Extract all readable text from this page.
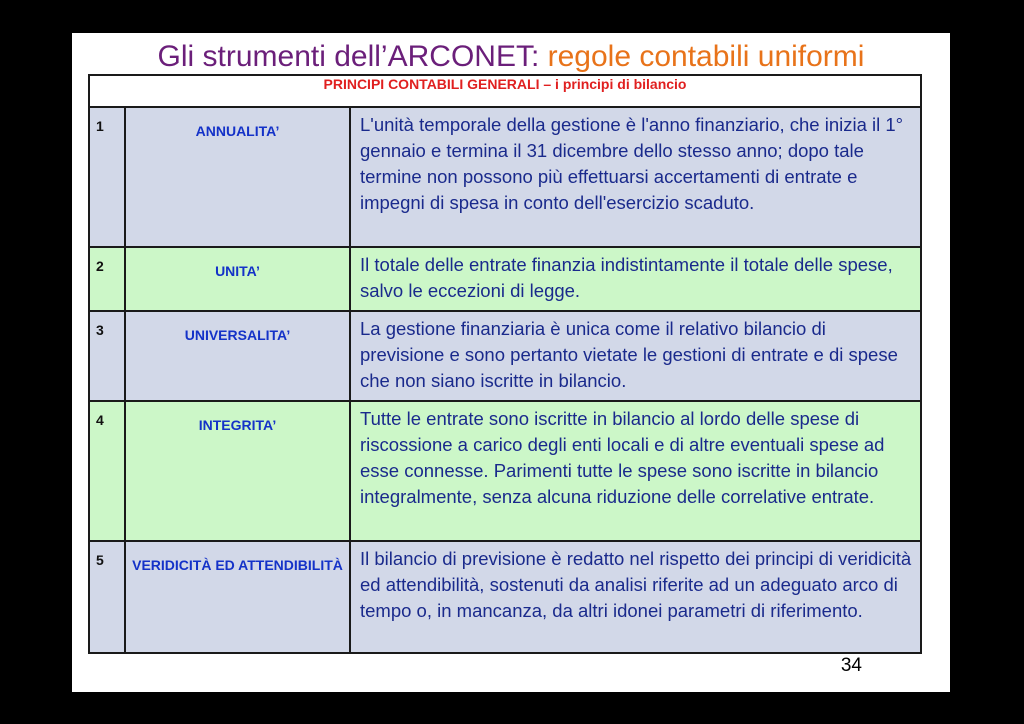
Gli strumenti dell’ARCONET: regole contabili uniformi
PRINCIPI CONTABILI GENERALI – i principi di bilancio		
1	ANNUALITA’	L'unità temporale della gestione è l'anno finanziario, che inizia il 1° gennaio e termina il 31 dicembre dello stesso anno; dopo tale termine non possono più effettuarsi accertamenti di entrate e impegni di spesa in conto dell'esercizio scaduto.
2	UNITA’	Il totale delle entrate finanzia indistintamente il totale delle spese, salvo le eccezioni di legge.
3	UNIVERSALITA’	La gestione finanziaria è unica come il relativo bilancio di previsione e sono pertanto vietate le gestioni di entrate e di spese che non siano iscritte in bilancio.
4	INTEGRITA’	Tutte le entrate sono iscritte in bilancio al lordo delle spese di riscossione a carico degli enti locali e di altre eventuali spese ad esse connesse. Parimenti tutte le spese sono iscritte in bilancio integralmente, senza alcuna riduzione delle correlative entrate.
5	VERIDICITÀ ED ATTENDIBILITÀ	Il bilancio di previsione è redatto nel rispetto dei principi di veridicità ed attendibilità, sostenuti da analisi riferite ad un adeguato arco di tempo o, in mancanza, da altri idonei parametri di riferimento.
34
